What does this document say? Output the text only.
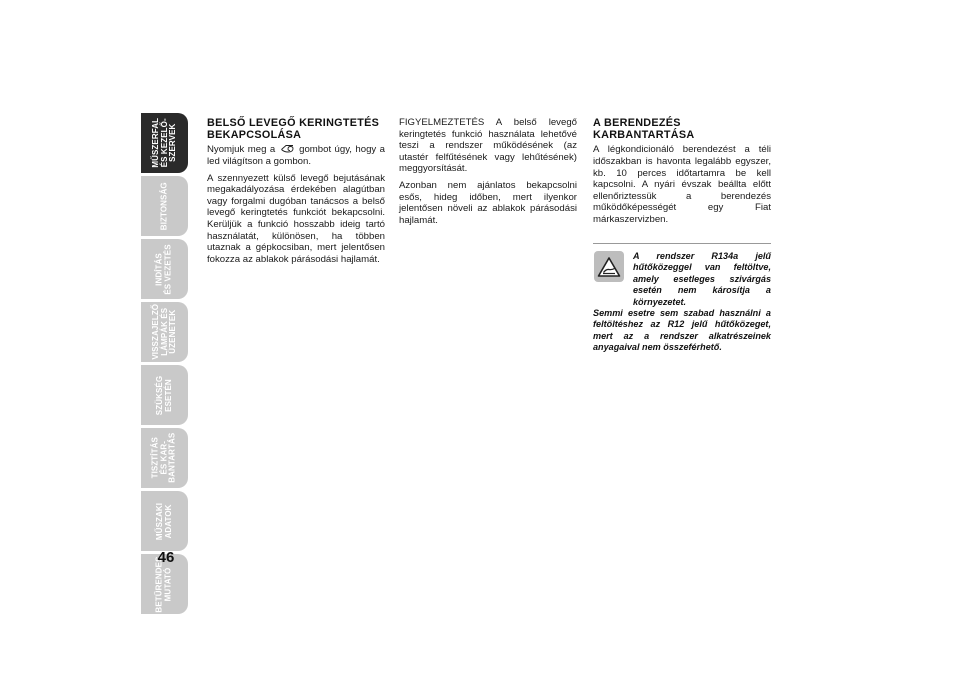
MŰSZERFAL
ÉS KEZELŐ-
SZERVEK
BIZTONSÁG
INDÍTÁS
ÉS VEZETÉS
VISSZAJELZŐ
LÁMPÁK ÉS
ÜZENETEK
SZÜKSÉG
ESETÉN
TISZTÍTÁS
ÉS KAR-
BANTARTÁS
MŰSZAKI
ADATOK
BETŰRENDES
MUTATÓ
46
BELSŐ LEVEGŐ KERINGTETÉS BEKAPCSOLÁSA

Nyomjuk meg a gombot úgy, hogy a led világítson a gombon.

A szennyezett külső levegő bejutásának megakadályozása érdekében alagútban vagy forgalmi dugóban tanácsos a belső levegő keringtetés funkciót bekapcsolni. Kerüljük a funkció hosszabb ideig tartó használatát, különösen, ha többen utaznak a gépkocsiban, mert jelentősen fokozza az ablakok párásodási hajlamát.

FIGYELMEZTETÉS A belső levegő keringtetés funkció használata lehetővé teszi a rendszer működésének (az utastér felfűtésének vagy lehűtésének) meggyorsítását.

Azonban nem ajánlatos bekapcsolni esős, hideg időben, mert ilyenkor jelentősen növeli az ablakok párásodási hajlamát.

A BERENDEZÉS KARBANTARTÁSA

A légkondicionáló berendezést a téli időszakban is havonta legalább egyszer, kb. 10 perces időtartamra be kell kapcsolni. A nyári évszak beállta előtt ellenőriztessük a berendezés működőképességét egy Fiat márkaszervizben.

A rendszer R134a jelű hűtőközeggel van feltöltve, amely esetleges szivárgás esetén nem károsítja a környezetet.
Semmi esetre sem szabad használni a feltöltéshez az R12 jelű hűtőközeget, mert az a rendszer alkatrészeinek anyagaival nem összeférhető.
